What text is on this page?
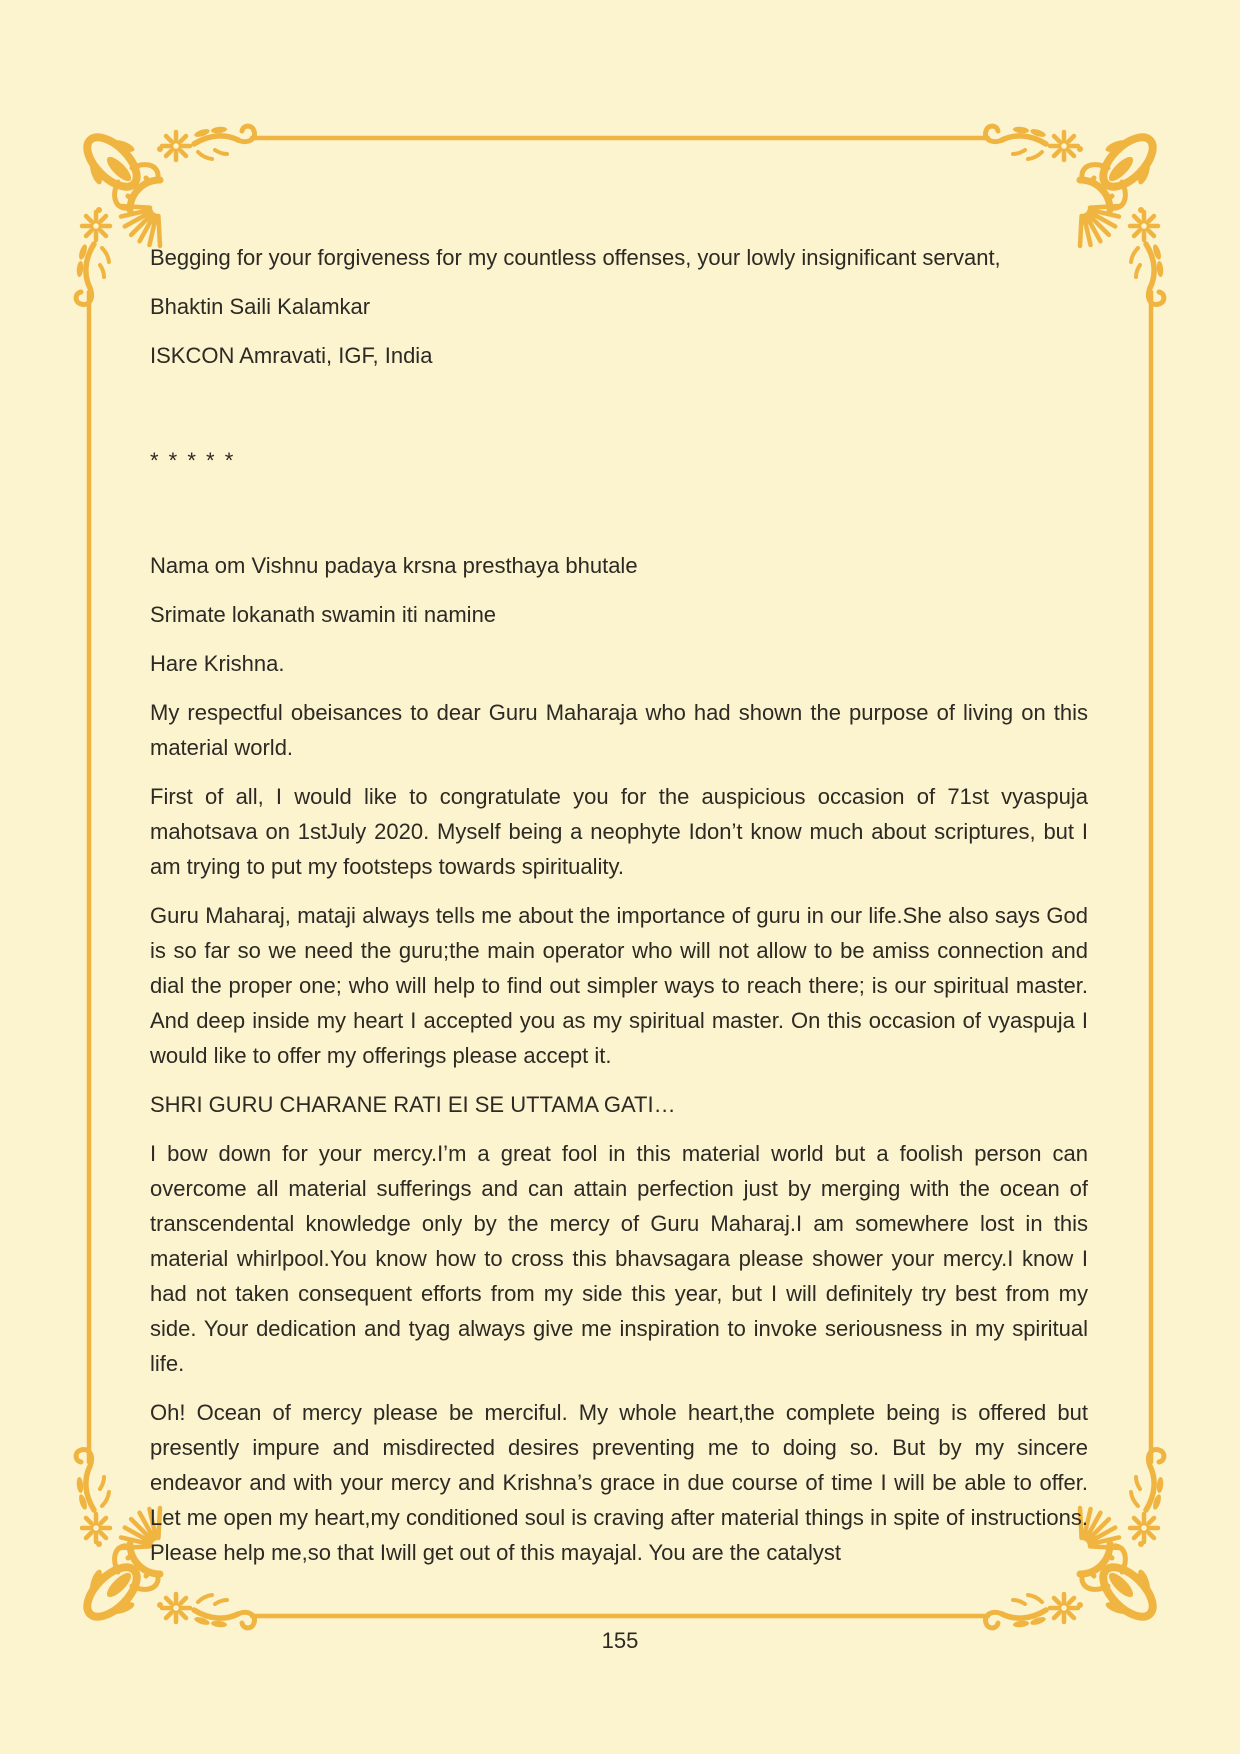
Begging for your forgiveness for my countless offenses, your lowly insignificant servant,

Bhaktin Saili Kalamkar

ISKCON Amravati, IGF, India

* * * * *

Nama om Vishnu padaya krsna presthaya bhutale

Srimate lokanath swamin iti namine

Hare Krishna.

My respectful obeisances to dear Guru Maharaja who had shown the purpose of living on this material world.

First of all, I would like to congratulate you for the auspicious occasion of 71st vyaspuja mahotsava on 1stJuly 2020. Myself being a neophyte Idon’t know much about scriptures, but I am trying to put my footsteps towards spirituality.

Guru Maharaj, mataji always tells me about the importance of guru in our life.She also says God is so far so we need the guru;the main operator who will not allow to be amiss connection and dial the proper one; who will help to find out simpler ways to reach there; is our spiritual master. And deep inside my heart I accepted you as my spiritual master. On this occasion of vyaspuja I would like to offer my offerings please accept it.

SHRI GURU CHARANE RATI EI SE UTTAMA GATI…

I bow down for your mercy.I’m a great fool in this material world but a foolish person can overcome all material sufferings and can attain perfection just by merging with the ocean of transcendental knowledge only by the mercy of Guru Maharaj.I am somewhere lost in this material whirlpool.You know how to cross this bhavsagara please shower your mercy.I know I had not taken consequent efforts from my side this year, but I will definitely try best from my side. Your dedication and tyag always give me inspiration to invoke seriousness in my spiritual life.

Oh! Ocean of mercy please be merciful. My whole heart,the complete being is offered but presently impure and misdirected desires preventing me to doing so. But by my sincere endeavor and with your mercy and Krishna’s grace in due course of time I will be able to offer. Let me open my heart,my conditioned soul is craving after material things in spite of instructions. Please help me,so that Iwill get out of this mayajal. You are the catalyst

155
